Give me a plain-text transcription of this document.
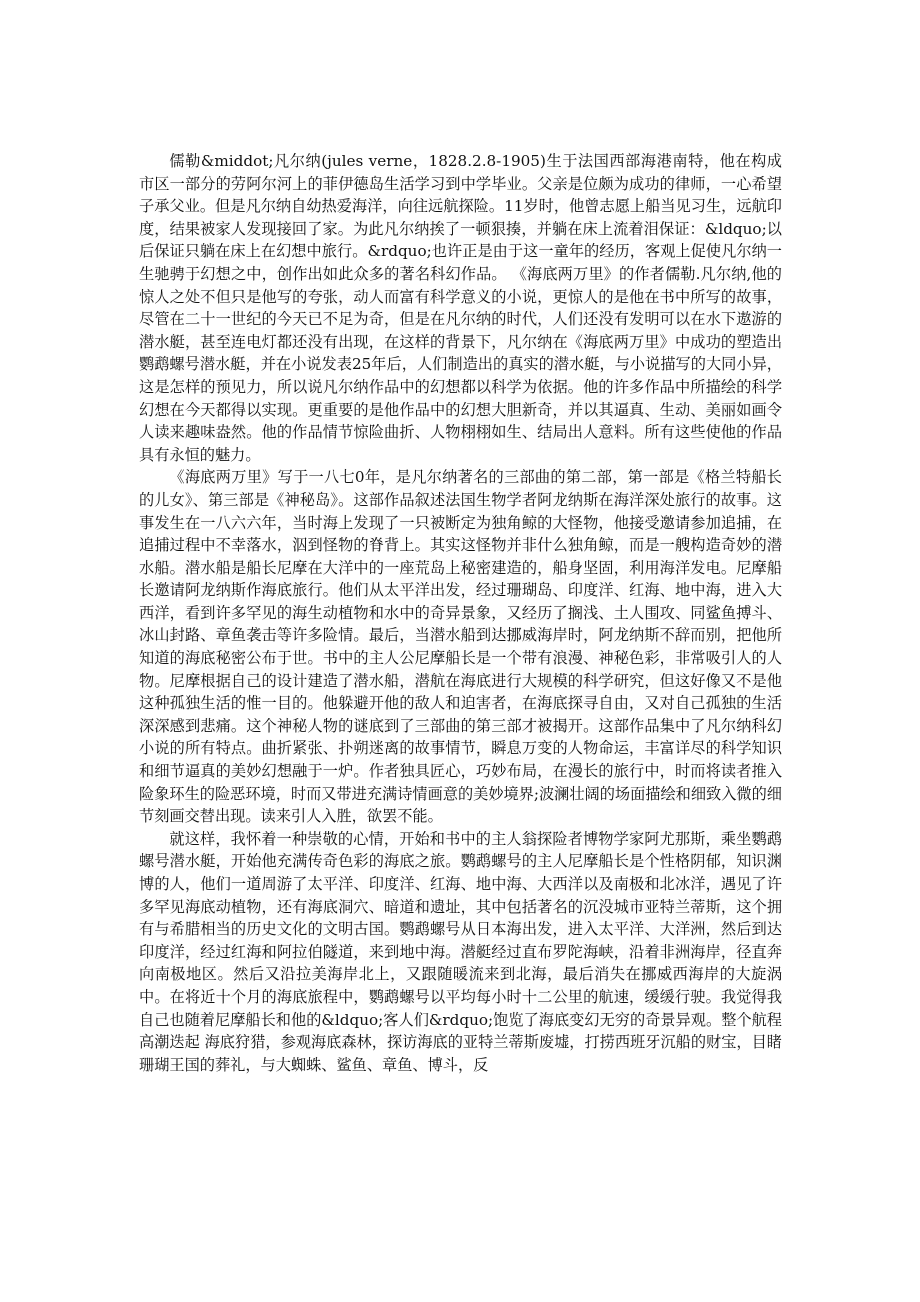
儒勒&middot;凡尔纳(jules verne，1828.2.8-1905)生于法国西部海港南特，他在构成市区一部分的劳阿尔河上的菲伊德岛生活学习到中学毕业。父亲是位颇为成功的律师，一心希望子承父业。但是凡尔纳自幼热爱海洋，向往远航探险。11岁时，他曾志愿上船当见习生，远航印度，结果被家人发现接回了家。为此凡尔纳挨了一顿狠揍，并躺在床上流着泪保证：&ldquo;以后保证只躺在床上在幻想中旅行。&rdquo;也许正是由于这一童年的经历，客观上促使凡尔纳一生驰骋于幻想之中，创作出如此众多的著名科幻作品。 《海底两万里》的作者儒勒.凡尔纳,他的惊人之处不但只是他写的夸张，动人而富有科学意义的小说，更惊人的是他在书中所写的故事，尽管在二十一世纪的今天已不足为奇，但是在凡尔纳的时代，人们还没有发明可以在水下遨游的潜水艇，甚至连电灯都还没有出现，在这样的背景下，凡尔纳在《海底两万里》中成功的塑造出鹦鹉螺号潜水艇，并在小说发表25年后，人们制造出的真实的潜水艇，与小说描写的大同小异，这是怎样的预见力，所以说凡尔纳作品中的幻想都以科学为依据。他的许多作品中所描绘的科学幻想在今天都得以实现。更重要的是他作品中的幻想大胆新奇，并以其逼真、生动、美丽如画令人读来趣味盎然。他的作品情节惊险曲折、人物栩栩如生、结局出人意料。所有这些使他的作品具有永恒的魅力。

《海底两万里》写于一八七0年，是凡尔纳著名的三部曲的第二部，第一部是《格兰特船长的儿女》、第三部是《神秘岛》。这部作品叙述法国生物学者阿龙纳斯在海洋深处旅行的故事。这事发生在一八六六年，当时海上发现了一只被断定为独角鲸的大怪物，他接受邀请参加追捕，在追捕过程中不幸落水，泅到怪物的脊背上。其实这怪物并非什么独角鲸，而是一艘构造奇妙的潜水船。潜水船是船长尼摩在大洋中的一座荒岛上秘密建造的，船身坚固，利用海洋发电。尼摩船长邀请阿龙纳斯作海底旅行。他们从太平洋出发，经过珊瑚岛、印度洋、红海、地中海，进入大西洋，看到许多罕见的海生动植物和水中的奇异景象，又经历了搁浅、土人围攻、同鲨鱼搏斗、冰山封路、章鱼袭击等许多险情。最后，当潜水船到达挪威海岸时，阿龙纳斯不辞而别，把他所知道的海底秘密公布于世。书中的主人公尼摩船长是一个带有浪漫、神秘色彩，非常吸引人的人物。尼摩根据自己的设计建造了潜水船，潜航在海底进行大规模的科学研究，但这好像又不是他这种孤独生活的惟一目的。他躲避开他的敌人和迫害者，在海底探寻自由，又对自己孤独的生活深深感到悲痛。这个神秘人物的谜底到了三部曲的第三部才被揭开。这部作品集中了凡尔纳科幻小说的所有特点。曲折紧张、扑朔迷离的故事情节，瞬息万变的人物命运，丰富详尽的科学知识和细节逼真的美妙幻想融于一炉。作者独具匠心，巧妙布局，在漫长的旅行中，时而将读者推入险象环生的险恶环境，时而又带进充满诗情画意的美妙境界;波澜壮阔的场面描绘和细致入微的细节刻画交替出现。读来引人入胜，欲罢不能。

就这样，我怀着一种崇敬的心情，开始和书中的主人翁探险者博物学家阿尤那斯，乘坐鹦鹉螺号潜水艇，开始他充满传奇色彩的海底之旅。鹦鹉螺号的主人尼摩船长是个性格阴郁，知识渊博的人，他们一道周游了太平洋、印度洋、红海、地中海、大西洋以及南极和北冰洋，遇见了许多罕见海底动植物，还有海底洞穴、暗道和遗址，其中包括著名的沉没城市亚特兰蒂斯，这个拥有与希腊相当的历史文化的文明古国。鹦鹉螺号从日本海出发，进入太平洋、大洋洲，然后到达印度洋，经过红海和阿拉伯隧道，来到地中海。潜艇经过直布罗陀海峡，沿着非洲海岸，径直奔向南极地区。然后又沿拉美海岸北上，又跟随暖流来到北海，最后消失在挪威西海岸的大旋涡中。在将近十个月的海底旅程中，鹦鹉螺号以平均每小时十二公里的航速，缓缓行驶。我觉得我自己也随着尼摩船长和他的&ldquo;客人们&rdquo;饱览了海底变幻无穷的奇景异观。整个航程高潮迭起 海底狩猎，参观海底森林，探访海底的亚特兰蒂斯废墟，打捞西班牙沉船的财宝，目睹珊瑚王国的葬礼，与大蜘蛛、鲨鱼、章鱼、博斗，反
